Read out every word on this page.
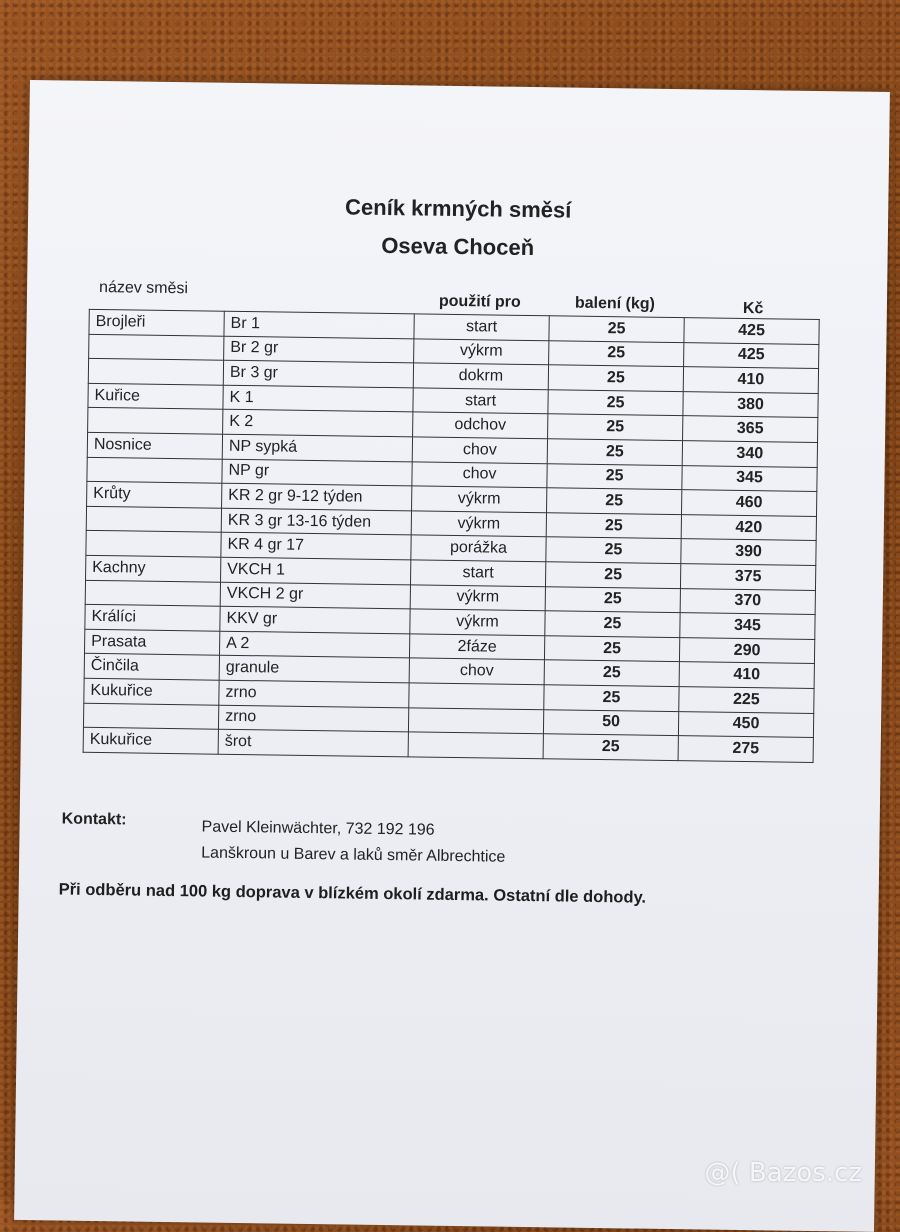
Ceník krmných směsí
Oseva Choceň
název směsi
použití pro	balení (kg)	Kč
Brojleři	Br 1	start	25	425
	Br 2 gr	výkrm	25	425
	Br 3 gr	dokrm	25	410
Kuřice	K 1	start	25	380
	K 2	odchov	25	365
Nosnice	NP sypká	chov	25	340
	NP gr	chov	25	345
Krůty	KR 2 gr 9-12 týden	výkrm	25	460
	KR 3 gr 13-16 týden	výkrm	25	420
	KR 4 gr 17	porážka	25	390
Kachny	VKCH 1	start	25	375
	VKCH 2 gr	výkrm	25	370
Králíci	KKV gr	výkrm	25	345
Prasata	A 2	2fáze	25	290
Činčila	granule	chov	25	410
Kukuřice	zrno		25	225
	zrno		50	450
Kukuřice	šrot		25	275
Kontakt:	Pavel Kleinwächter, 732 192 196
Lanškroun u Barev a laků směr Albrechtice
Při odběru nad 100 kg doprava v blízkém okolí zdarma. Ostatní dle dohody.
@( Bazos.cz
